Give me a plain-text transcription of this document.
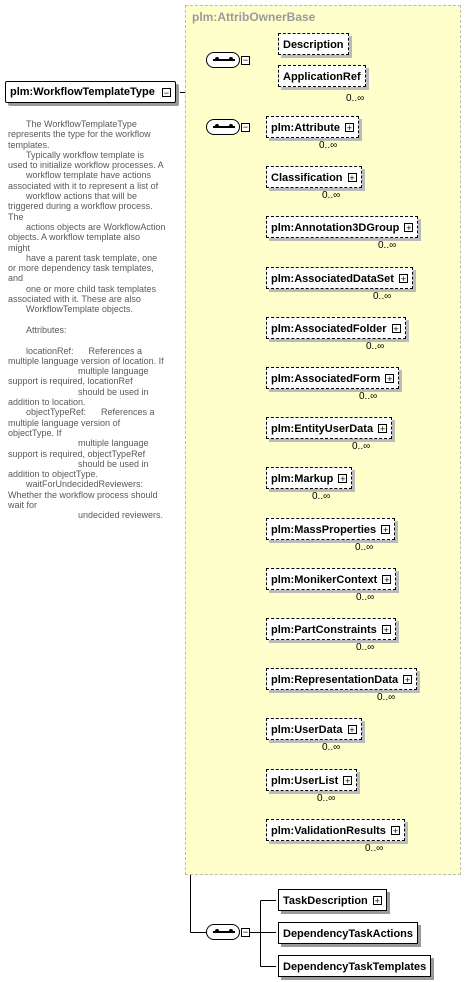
plm:AttribOwnerBase
plm:WorkflowTemplateType −

The WorkflowTemplateType

represents the type for the workflow

templates.

Typically workflow template is

used to initialize workflow processes. A

workflow template have actions

associated with it to represent a list of

workflow actions that will be

triggered during a workflow process.

The

actions objects are WorkflowAction

objects. A workflow template also

might

have a parent task template, one

or more dependency task templates,

and

one or more child task templates

associated with it. These are also

WorkflowTemplate objects.

Attributes:

locationRef:      References a

multiple language version of location. If

multiple language

support is required, locationRef

should be used in

addition to location.

objectTypeRef:      References a

multiple language version of

objectType. If

multiple language

support is required, objectTypeRef

should be used in

addition to objectType.

waitForUndecidedReviewers:

Whether the workflow process should

wait for

undecided reviewers.

−
−
−
Description
ApplicationRef
0..∞
plm:Attribute +
0..∞
Classification +
0..∞
plm:Annotation3DGroup +
0..∞
plm:AssociatedDataSet +
0..∞
plm:AssociatedFolder +
0..∞
plm:AssociatedForm +
0..∞
plm:EntityUserData +
0..∞
plm:Markup +
0..∞
plm:MassProperties +
0..∞
plm:MonikerContext +
0..∞
plm:PartConstraints +
0..∞
plm:RepresentationData +
0..∞
plm:UserData +
0..∞
plm:UserList +
0..∞
plm:ValidationResults +
0..∞
TaskDescription +
DependencyTaskActions
DependencyTaskTemplates
